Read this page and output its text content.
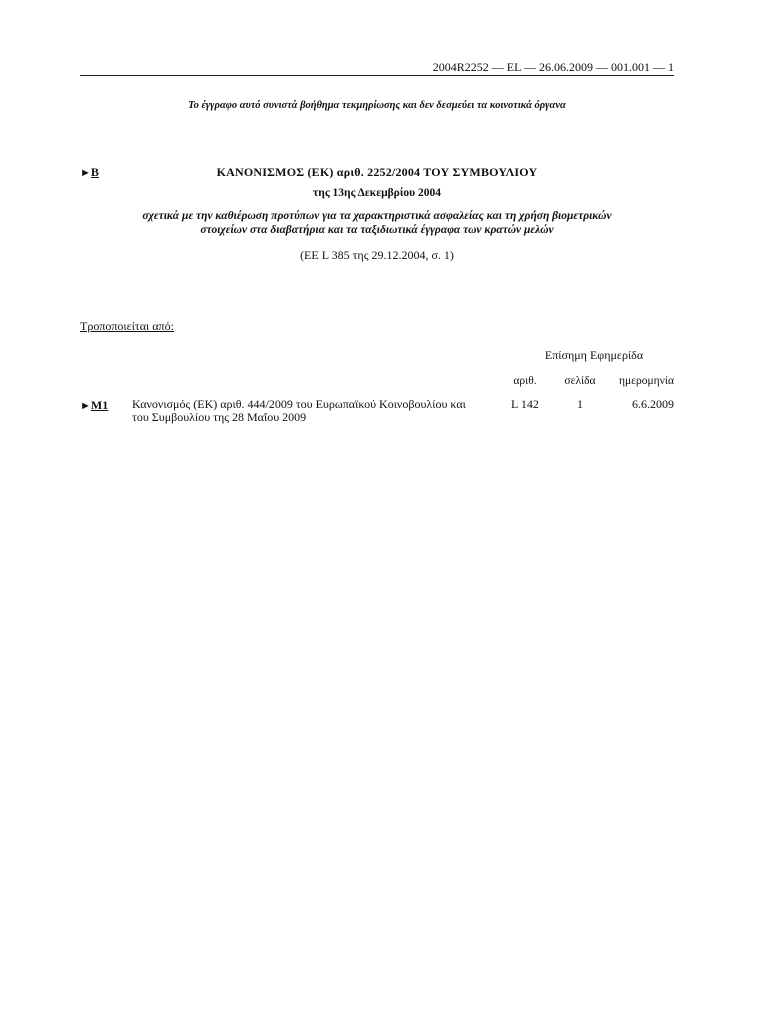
2004R2252 — EL — 26.06.2009 — 001.001 — 1
Το έγγραφο αυτό συνιστά βοήθημα τεκμηρίωσης και δεν δεσμεύει τα κοινοτικά όργανα
►B	ΚΑΝΟΝΙΣΜΟΣ (ΕΚ) αριθ. 2252/2004 ΤΟΥ ΣΥΜΒΟΥΛΙΟΥ
της 13ης Δεκεμβρίου 2004
σχετικά με την καθιέρωση προτύπων για τα χαρακτηριστικά ασφαλείας και τη χρήση βιομετρικών
στοιχείων στα διαβατήρια και τα ταξιδιωτικά έγγραφα των κρατών μελών
(ΕΕ L 385 της 29.12.2004, σ. 1)
Τροποποιείται από:
Επίσημη Εφημερίδα
αριθ.	σελίδα	ημερομηνία
►M1 Κανονισμός (ΕΚ) αριθ. 444/2009 του Ευρωπαϊκού Κοινοβουλίου και
του Συμβουλίου της 28 Μαΐου 2009
L 142	1	6.6.2009
